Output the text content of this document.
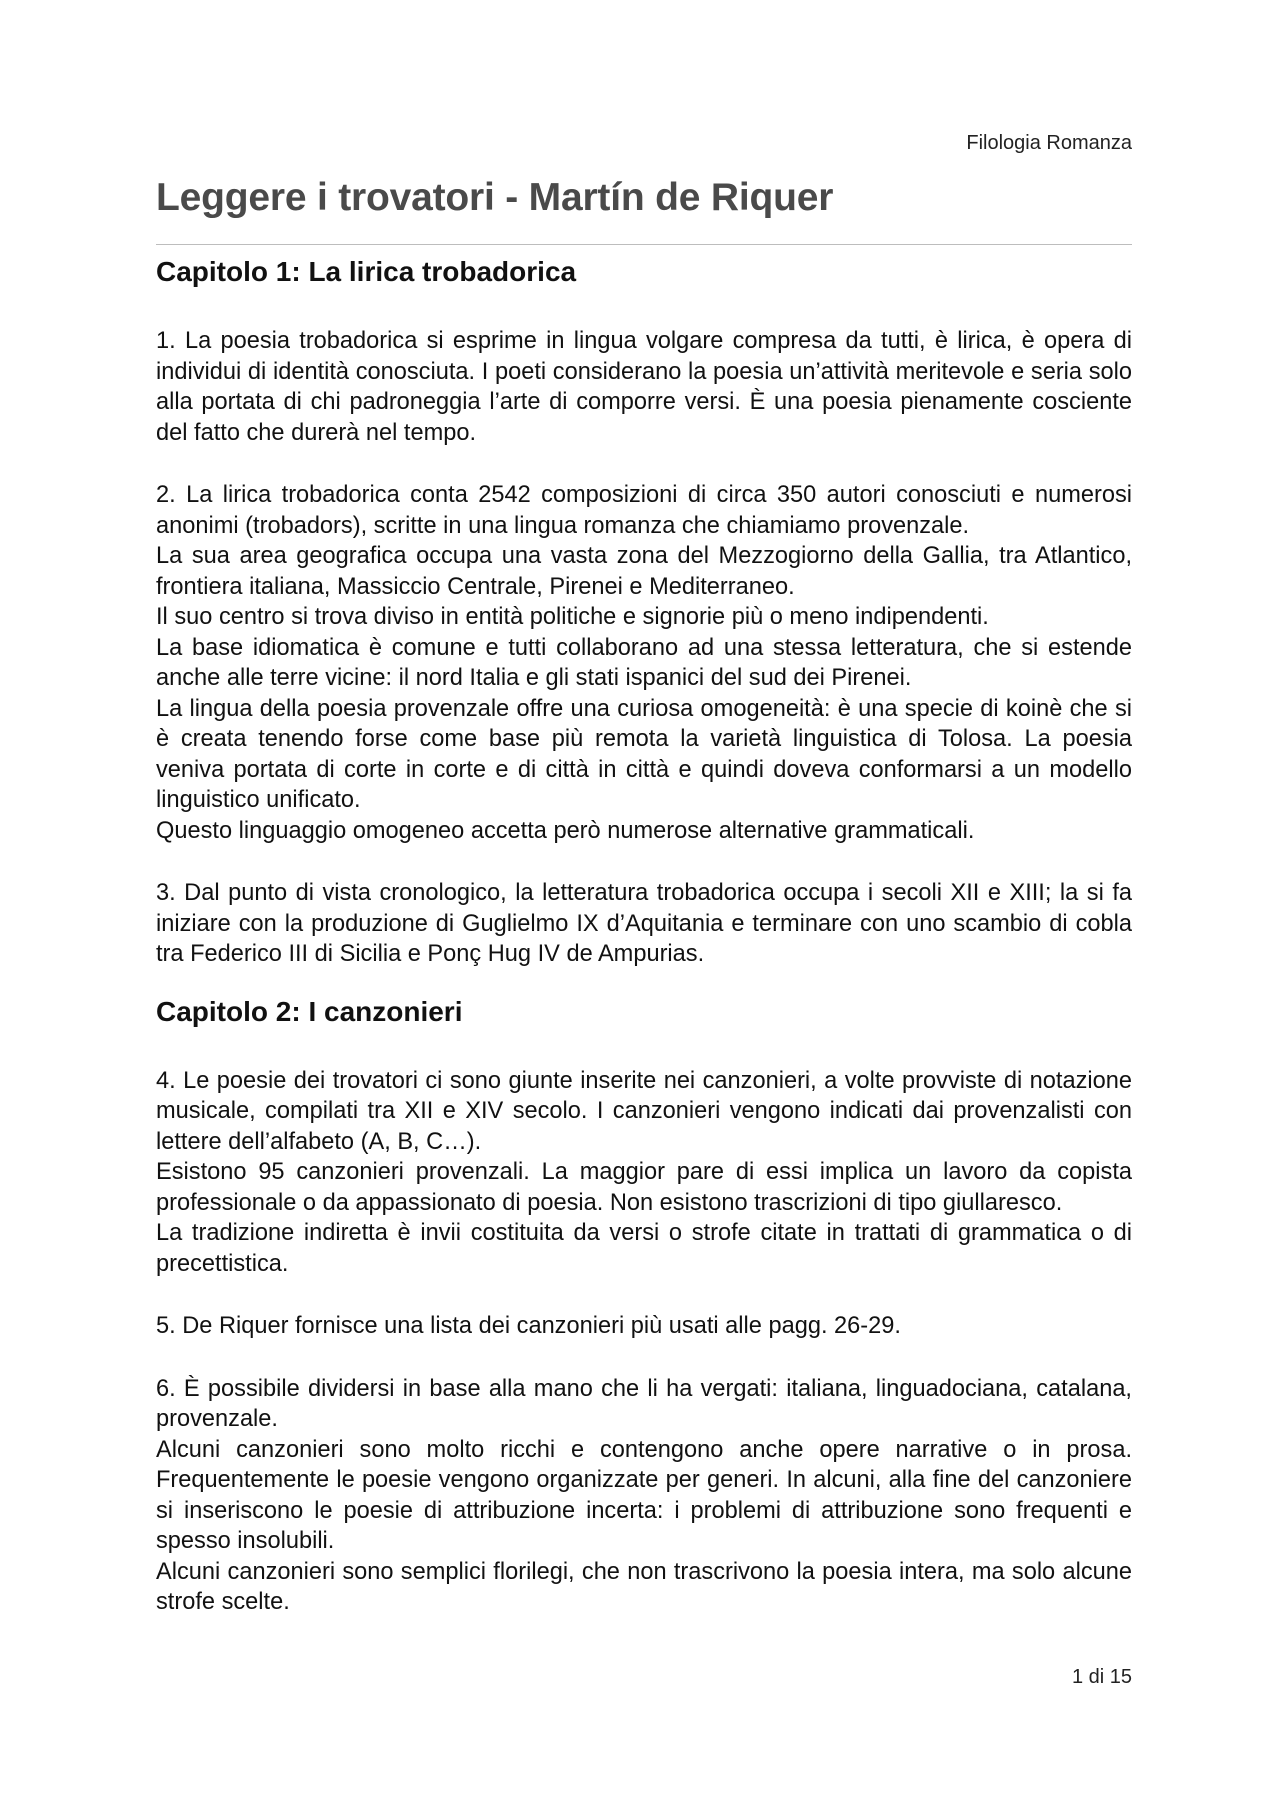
Filologia Romanza
Leggere i trovatori - Martín de Riquer
Capitolo 1: La lirica trobadorica

1. La poesia trobadorica si esprime in lingua volgare compresa da tutti, è lirica, è opera di individui di identità conosciuta. I poeti considerano la poesia un’attività meritevole e seria solo alla portata di chi padroneggia l’arte di comporre versi. È una poesia pienamente cosciente del fatto che durerà nel tempo.

2. La lirica trobadorica conta 2542 composizioni di circa 350 autori conosciuti e numerosi anonimi (trobadors), scritte in una lingua romanza che chiamiamo provenzale.

La sua area geografica occupa una vasta zona del Mezzogiorno della Gallia, tra Atlantico, frontiera italiana, Massiccio Centrale, Pirenei e Mediterraneo.

Il suo centro si trova diviso in entità politiche e signorie più o meno indipendenti.

La base idiomatica è comune e tutti collaborano ad una stessa letteratura, che si estende anche alle terre vicine: il nord Italia e gli stati ispanici del sud dei Pirenei.

La lingua della poesia provenzale offre una curiosa omogeneità: è una specie di koinè che si è creata tenendo forse come base più remota la varietà linguistica di Tolosa. La poesia veniva portata di corte in corte e di città in città e quindi doveva conformarsi a un modello linguistico unificato.

Questo linguaggio omogeneo accetta però numerose alternative grammaticali.

3. Dal punto di vista cronologico, la letteratura trobadorica occupa i secoli XII e XIII; la si fa iniziare con la produzione di Guglielmo IX d’Aquitania e terminare con uno scambio di cobla tra Federico III di Sicilia e Ponç Hug IV de Ampurias.

Capitolo 2: I canzonieri

4. Le poesie dei trovatori ci sono giunte inserite nei canzonieri, a volte provviste di notazione musicale, compilati tra XII e XIV secolo. I canzonieri vengono indicati dai provenzalisti con lettere dell’alfabeto (A, B, C…).

Esistono 95 canzonieri provenzali. La maggior pare di essi implica un lavoro da copista professionale o da appassionato di poesia. Non esistono trascrizioni di tipo giullaresco.

La tradizione indiretta è invii costituita da versi o strofe citate in trattati di grammatica o di precettistica.

5. De Riquer fornisce una lista dei canzonieri più usati alle pagg. 26-29.

6. È possibile dividersi in base alla mano che li ha vergati: italiana, linguadociana, catalana, provenzale.

Alcuni canzonieri sono molto ricchi e contengono anche opere narrative o in prosa. Frequentemente le poesie vengono organizzate per generi. In alcuni, alla fine del canzoniere si inseriscono le poesie di attribuzione incerta: i problemi di attribuzione sono frequenti e spesso insolubili.

Alcuni canzonieri sono semplici florilegi, che non trascrivono la poesia intera, ma solo alcune strofe scelte.

1 di 15
